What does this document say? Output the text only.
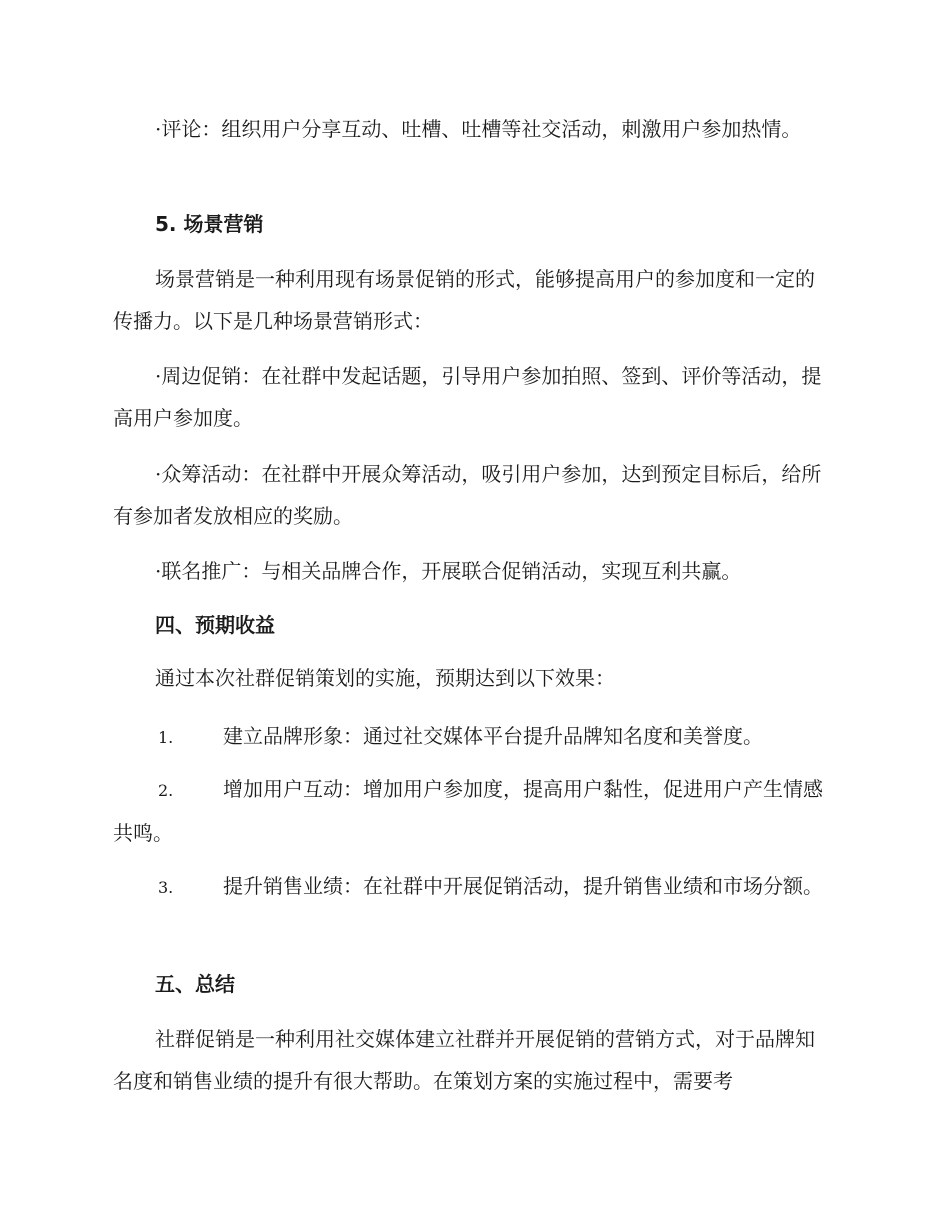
·评论：组织用户分享互动、吐槽、吐槽等社交活动，刺激用户参加热情。

5. 场景营销

场景营销是一种利用现有场景促销的形式，能够提高用户的参加度和一定的传播力。以下是几种场景营销形式：

·周边促销：在社群中发起话题，引导用户参加拍照、签到、评价等活动，提高用户参加度。

·众筹活动：在社群中开展众筹活动，吸引用户参加，达到预定目标后，给所有参加者发放相应的奖励。

·联名推广：与相关品牌合作，开展联合促销活动，实现互利共赢。

四、预期收益

通过本次社群促销策划的实施，预期达到以下效果：

1. 建立品牌形象：通过社交媒体平台提升品牌知名度和美誉度。

2. 增加用户互动：增加用户参加度，提高用户黏性，促进用户产生情感共鸣。

3. 提升销售业绩：在社群中开展促销活动，提升销售业绩和市场分额。

五、总结

社群促销是一种利用社交媒体建立社群并开展促销的营销方式，对于品牌知名度和销售业绩的提升有很大帮助。在策划方案的实施过程中，需要考
